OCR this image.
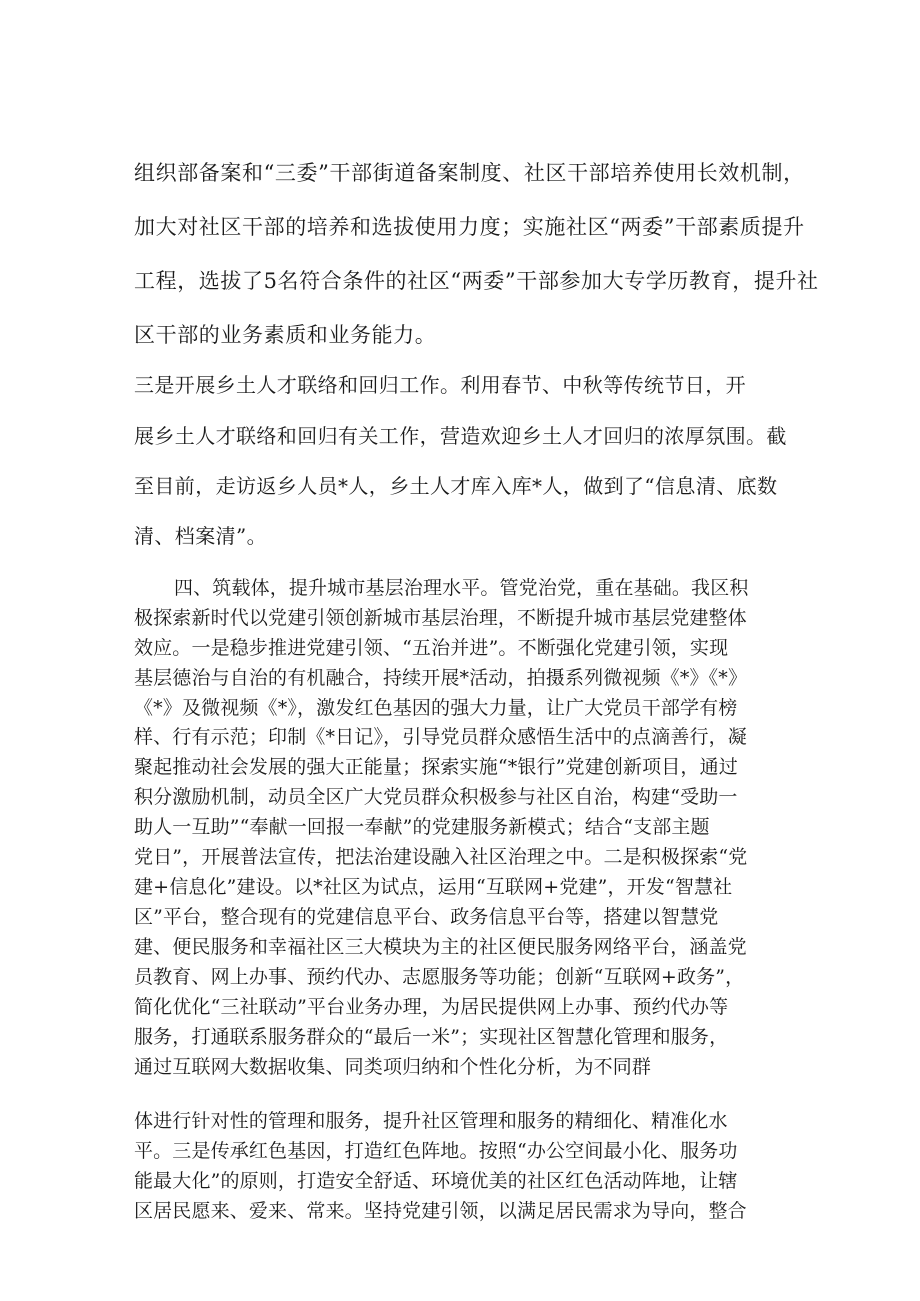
组织部备案和“三委”干部街道备案制度、社区干部培养使用长效机制，

加大对社区干部的培养和选拔使用力度；实施社区“两委”干部素质提升

工程，选拔了5名符合条件的社区“两委”干部参加大专学历教育，提升社

区干部的业务素质和业务能力。

三是开展乡土人才联络和回归工作。利用春节、中秋等传统节日，开

展乡土人才联络和回归有关工作，营造欢迎乡土人才回归的浓厚氛围。截

至目前，走访返乡人员*人，乡土人才库入库*人，做到了“信息清、底数

清、档案清”。

四、筑载体，提升城市基层治理水平。管党治党，重在基础。我区积

极探索新时代以党建引领创新城市基层治理，不断提升城市基层党建整体

效应。一是稳步推进党建引领、“五治并进”。不断强化党建引领，实现

基层德治与自治的有机融合，持续开展*活动，拍摄系列微视频《*》《*》

《*》及微视频《*》，激发红色基因的强大力量，让广大党员干部学有榜

样、行有示范；印制《*日记》，引导党员群众感悟生活中的点滴善行，凝

聚起推动社会发展的强大正能量；探索实施“*银行”党建创新项目，通过

积分激励机制，动员全区广大党员群众积极参与社区自治，构建“受助一

助人一互助”“奉献一回报一奉献”的党建服务新模式；结合“支部主题

党日”，开展普法宣传，把法治建设融入社区治理之中。二是积极探索“党

建+信息化”建设。以*社区为试点，运用“互联网+党建”，开发“智慧社

区”平台，整合现有的党建信息平台、政务信息平台等，搭建以智慧党

建、便民服务和幸福社区三大模块为主的社区便民服务网络平台，涵盖党

员教育、网上办事、预约代办、志愿服务等功能；创新“互联网+政务”，

简化优化“三社联动”平台业务办理，为居民提供网上办事、预约代办等

服务，打通联系服务群众的“最后一米”；实现社区智慧化管理和服务，

通过互联网大数据收集、同类项归纳和个性化分析，为不同群

体进行针对性的管理和服务，提升社区管理和服务的精细化、精准化水

平。三是传承红色基因，打造红色阵地。按照“办公空间最小化、服务功

能最大化”的原则，打造安全舒适、环境优美的社区红色活动阵地，让辖

区居民愿来、爱来、常来。坚持党建引领，以满足居民需求为导向，整合
